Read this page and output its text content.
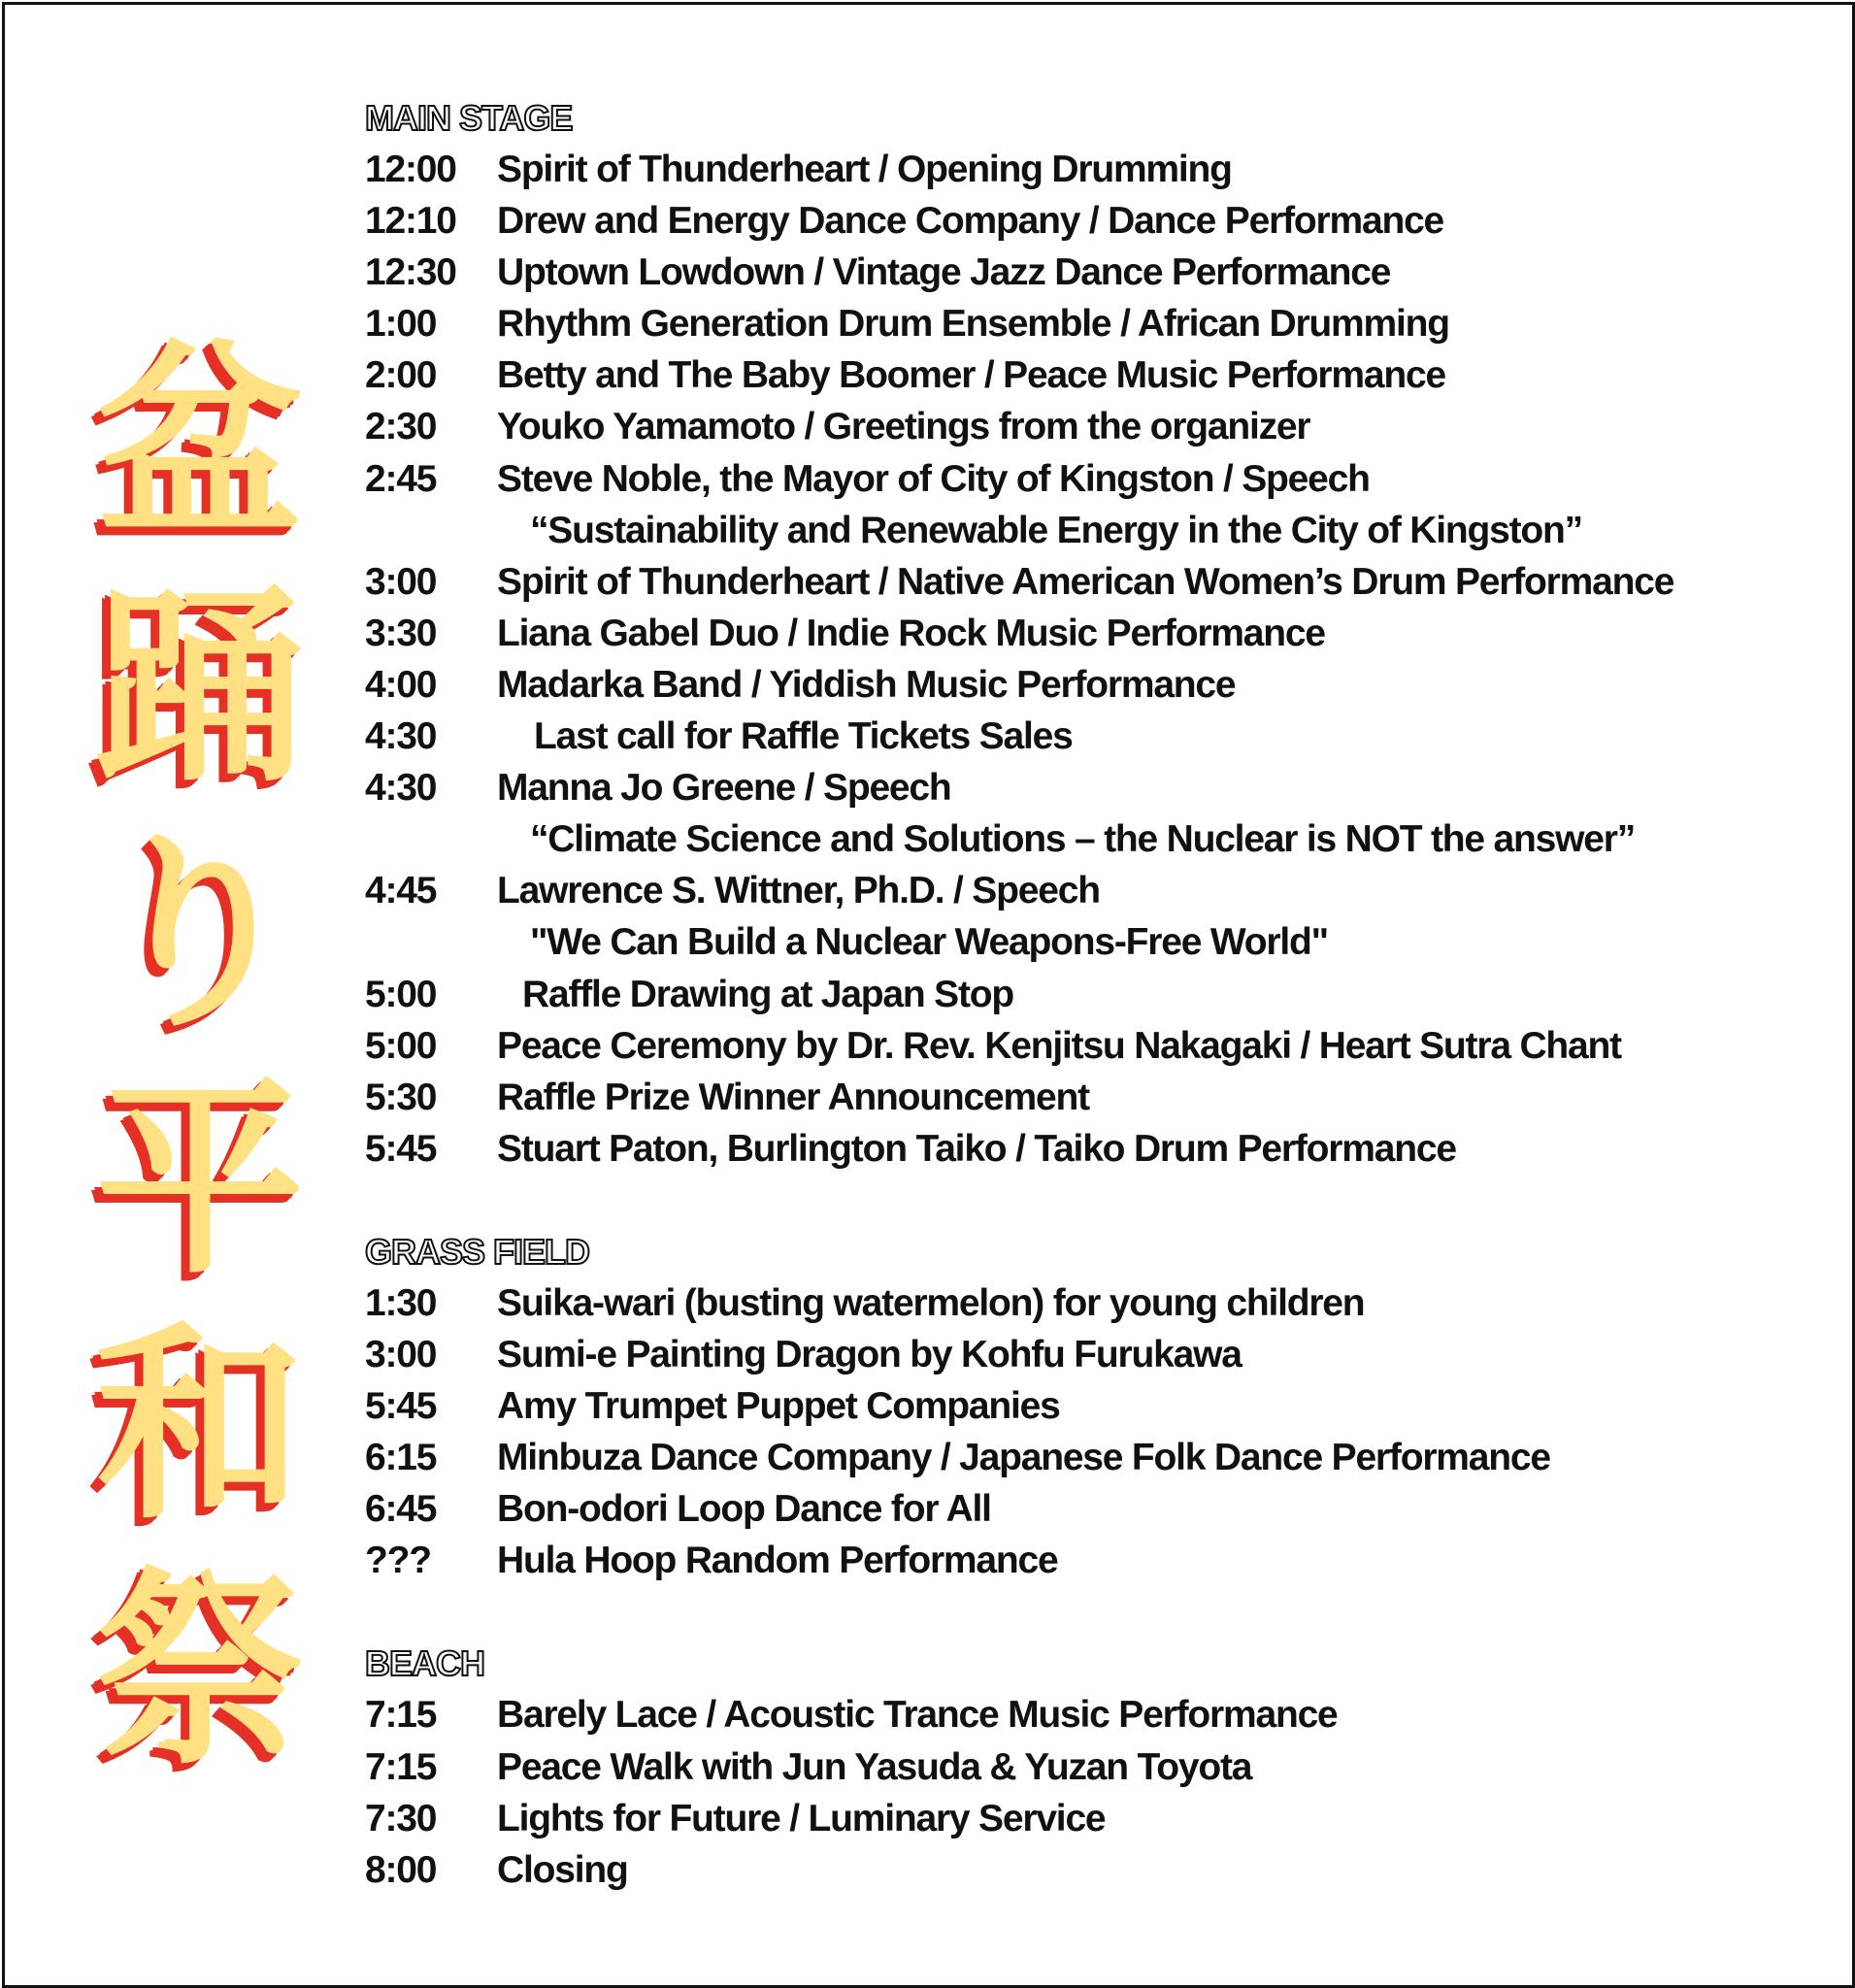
盆
踊
り
平
和
祭
MAIN STAGE
12:00	Spirit of Thunderheart / Opening Drumming
12:10	Drew and Energy Dance Company / Dance Performance
12:30	Uptown Lowdown / Vintage Jazz Dance Performance
1:00	Rhythm Generation Drum Ensemble / African Drumming
2:00	Betty and The Baby Boomer / Peace Music Performance
2:30	Youko Yamamoto / Greetings from the organizer
2:45	Steve Noble, the Mayor of City of Kingston / Speech
“Sustainability and Renewable Energy in the City of Kingston”
3:00	Spirit of Thunderheart / Native American Women’s Drum Performance
3:30	Liana Gabel Duo / Indie Rock Music Performance
4:00	Madarka Band / Yiddish Music Performance
4:30	Last call for Raffle Tickets Sales
4:30	Manna Jo Greene / Speech
“Climate Science and Solutions – the Nuclear is NOT the answer”
4:45	Lawrence S. Wittner, Ph.D. / Speech
"We Can Build a Nuclear Weapons-Free World"
5:00	Raffle Drawing at Japan Stop
5:00	Peace Ceremony by Dr. Rev. Kenjitsu Nakagaki / Heart Sutra Chant
5:30	Raffle Prize Winner Announcement
5:45	Stuart Paton, Burlington Taiko / Taiko Drum Performance
GRASS FIELD
1:30	Suika-wari (busting watermelon) for young children
3:00	Sumi-e Painting Dragon by Kohfu Furukawa
5:45	Amy Trumpet Puppet Companies
6:15	Minbuza Dance Company / Japanese Folk Dance Performance
6:45	Bon-odori Loop Dance for All
???	Hula Hoop Random Performance
BEACH
7:15	Barely Lace / Acoustic Trance Music Performance
7:15	Peace Walk with Jun Yasuda & Yuzan Toyota
7:30	Lights for Future / Luminary Service
8:00	Closing
